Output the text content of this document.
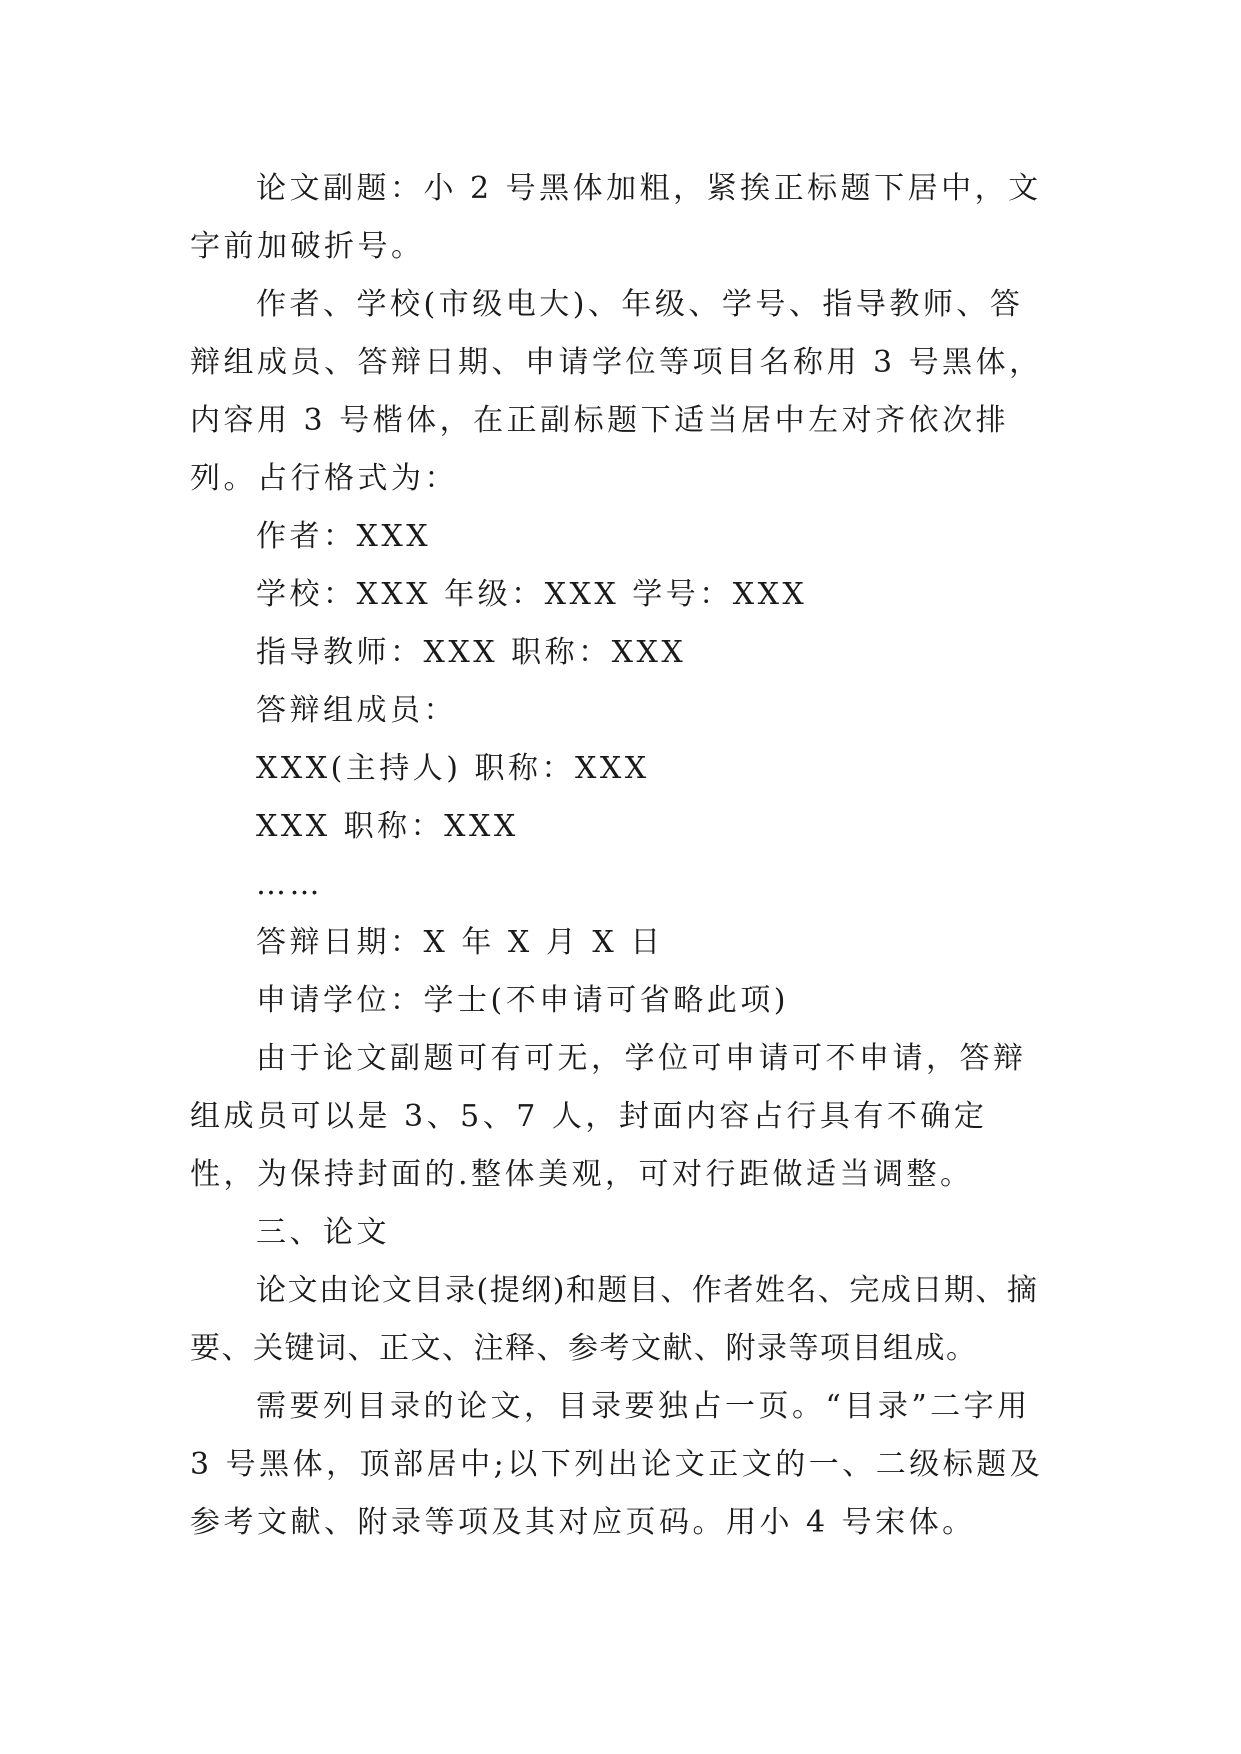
论文副题：小 2 号黑体加粗，紧挨正标题下居中，文字前加破折号。

作者、学校(市级电大)、年级、学号、指导教师、答辩组成员、答辩日期、申请学位等项目名称用 3 号黑体，内容用 3 号楷体，在正副标题下适当居中左对齐依次排列。占行格式为：

作者：XXX

学校：XXX 年级：XXX 学号：XXX

指导教师：XXX 职称：XXX

答辩组成员：

XXX(主持人) 职称：XXX

XXX 职称：XXX

……

答辩日期：X 年 X 月 X 日

申请学位：学士(不申请可省略此项)

由于论文副题可有可无，学位可申请可不申请，答辩组成员可以是 3、5、7 人，封面内容占行具有不确定性，为保持封面的.整体美观，可对行距做适当调整。

三、论文

论文由论文目录(提纲)和题目、作者姓名、完成日期、摘要、关键词、正文、注释、参考文献、附录等项目组成。

需要列目录的论文，目录要独占一页。“目录”二字用 3 号黑体，顶部居中;以下列出论文正文的一、二级标题及参考文献、附录等项及其对应页码。用小 4 号宋体。
